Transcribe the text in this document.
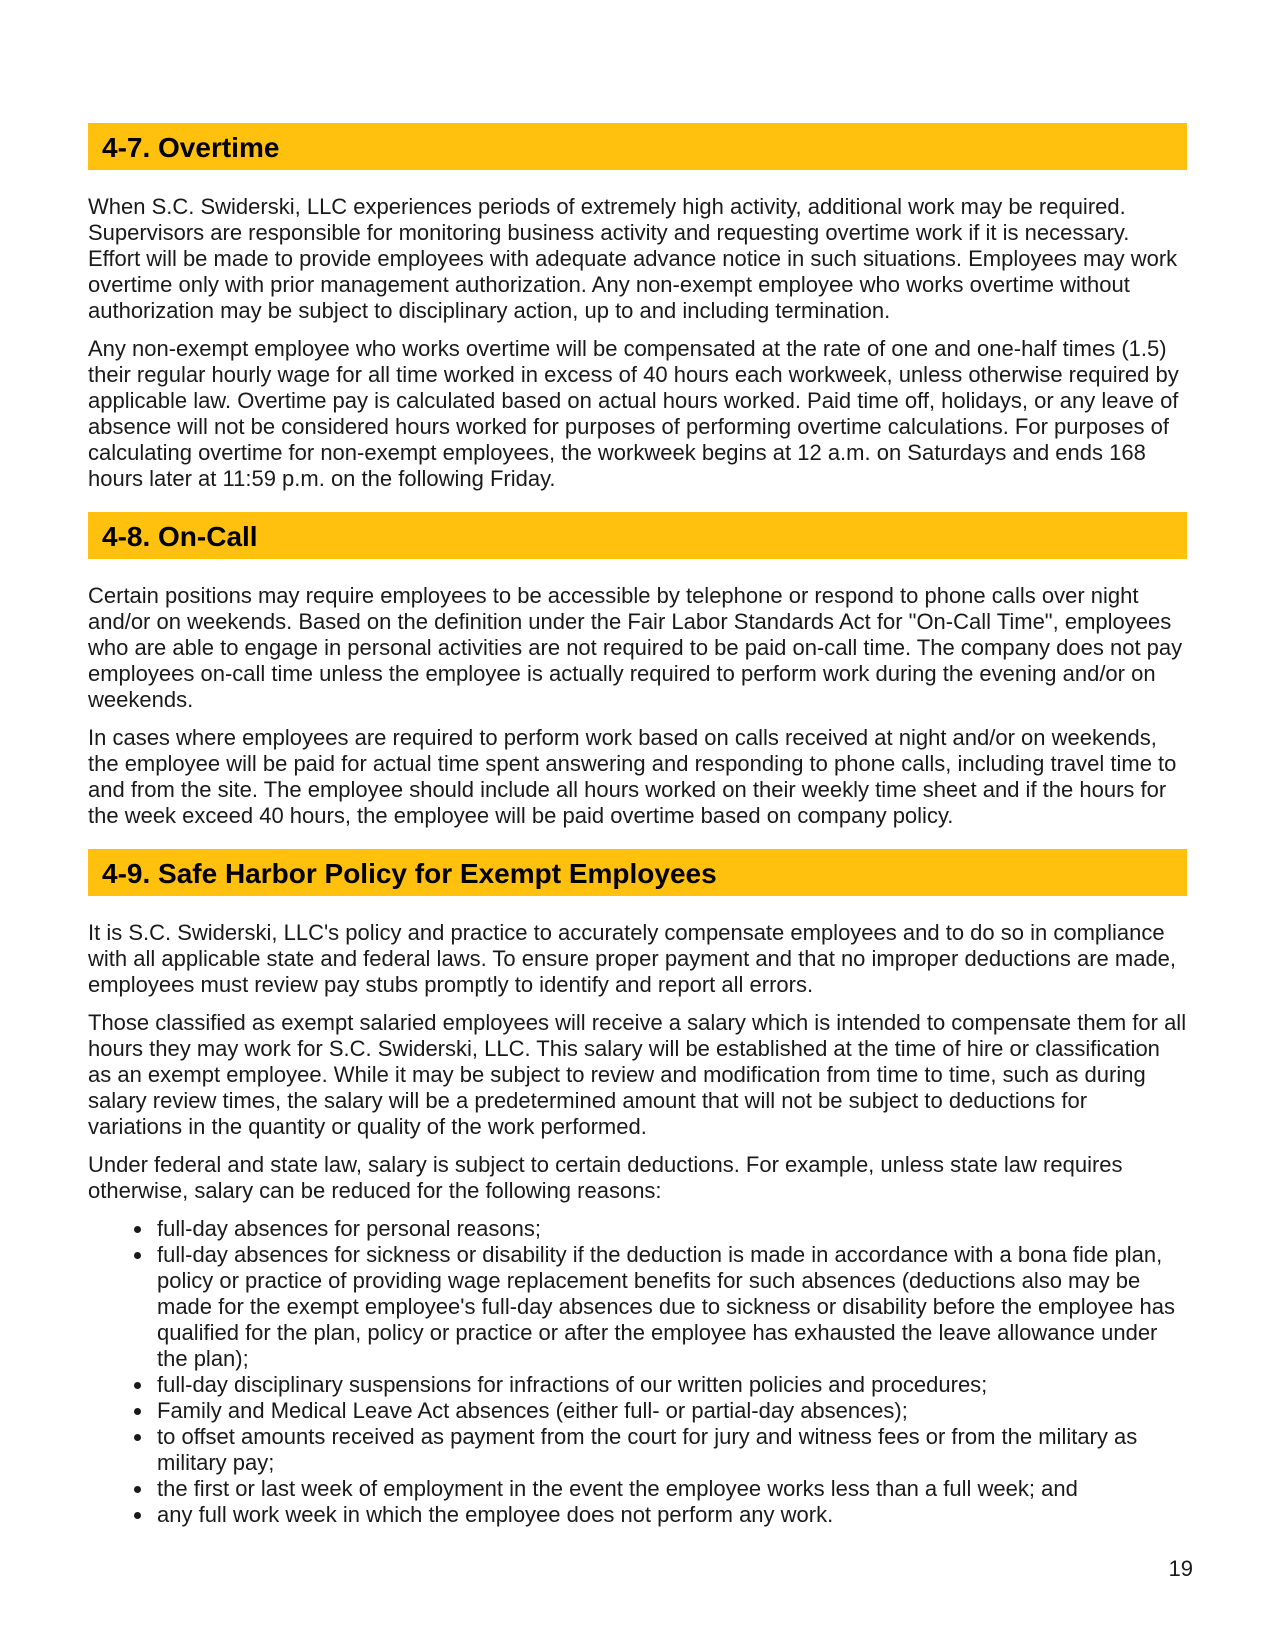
4-7. Overtime

When S.C. Swiderski, LLC experiences periods of extremely high activity, additional work may be required. Supervisors are responsible for monitoring business activity and requesting overtime work if it is necessary. Effort will be made to provide employees with adequate advance notice in such situations. Employees may work overtime only with prior management authorization. Any non-exempt employee who works overtime without authorization may be subject to disciplinary action, up to and including termination.

Any non-exempt employee who works overtime will be compensated at the rate of one and one-half times (1.5) their regular hourly wage for all time worked in excess of 40 hours each workweek, unless otherwise required by applicable law. Overtime pay is calculated based on actual hours worked. Paid time off, holidays, or any leave of absence will not be considered hours worked for purposes of performing overtime calculations. For purposes of calculating overtime for non-exempt employees, the workweek begins at 12 a.m. on Saturdays and ends 168 hours later at 11:59 p.m. on the following Friday.

4-8. On-Call

Certain positions may require employees to be accessible by telephone or respond to phone calls over night and/or on weekends. Based on the definition under the Fair Labor Standards Act for "On-Call Time", employees who are able to engage in personal activities are not required to be paid on-call time. The company does not pay employees on-call time unless the employee is actually required to perform work during the evening and/or on weekends.

In cases where employees are required to perform work based on calls received at night and/or on weekends, the employee will be paid for actual time spent answering and responding to phone calls, including travel time to and from the site. The employee should include all hours worked on their weekly time sheet and if the hours for the week exceed 40 hours, the employee will be paid overtime based on company policy.

4-9. Safe Harbor Policy for Exempt Employees

It is S.C. Swiderski, LLC's policy and practice to accurately compensate employees and to do so in compliance with all applicable state and federal laws. To ensure proper payment and that no improper deductions are made, employees must review pay stubs promptly to identify and report all errors.

Those classified as exempt salaried employees will receive a salary which is intended to compensate them for all hours they may work for S.C. Swiderski, LLC. This salary will be established at the time of hire or classification as an exempt employee. While it may be subject to review and modification from time to time, such as during salary review times, the salary will be a predetermined amount that will not be subject to deductions for variations in the quantity or quality of the work performed.

Under federal and state law, salary is subject to certain deductions. For example, unless state law requires otherwise, salary can be reduced for the following reasons:

• full-day absences for personal reasons;
• full-day absences for sickness or disability if the deduction is made in accordance with a bona fide plan, policy or practice of providing wage replacement benefits for such absences (deductions also may be made for the exempt employee's full-day absences due to sickness or disability before the employee has qualified for the plan, policy or practice or after the employee has exhausted the leave allowance under the plan);
• full-day disciplinary suspensions for infractions of our written policies and procedures;
• Family and Medical Leave Act absences (either full- or partial-day absences);
• to offset amounts received as payment from the court for jury and witness fees or from the military as military pay;
• the first or last week of employment in the event the employee works less than a full week; and
• any full work week in which the employee does not perform any work.
19
